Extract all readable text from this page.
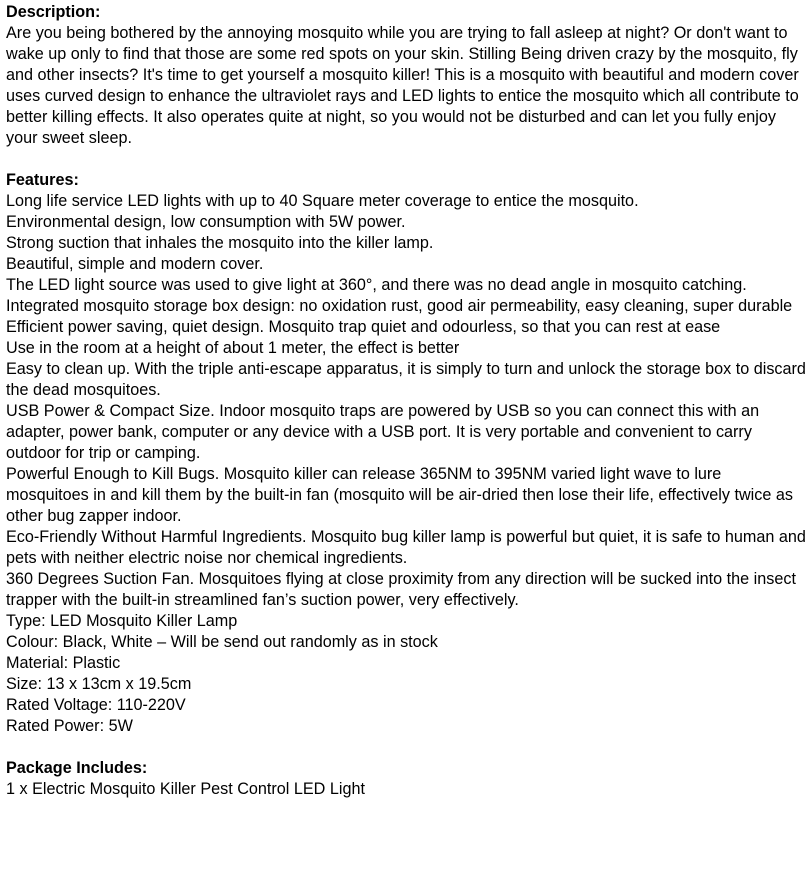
Description:

Are you being bothered by the annoying mosquito while you are trying to fall asleep at night? Or don't want to wake up only to find that those are some red spots on your skin. Stilling Being driven crazy by the mosquito, fly and other insects? It's time to get yourself a mosquito killer! This is a mosquito with beautiful and modern cover uses curved design to enhance the ultraviolet rays and LED lights to entice the mosquito which all contribute to better killing effects. It also operates quite at night, so you would not be disturbed and can let you fully enjoy your sweet sleep.

Features:

Long life service LED lights with up to 40 Square meter coverage to entice the mosquito.

Environmental design, low consumption with 5W power.

Strong suction that inhales the mosquito into the killer lamp.

Beautiful, simple and modern cover.

The LED light source was used to give light at 360°, and there was no dead angle in mosquito catching.

Integrated mosquito storage box design: no oxidation rust, good air permeability, easy cleaning, super durable

Efficient power saving, quiet design. Mosquito trap quiet and odourless, so that you can rest at ease

Use in the room at a height of about 1 meter, the effect is better

Easy to clean up. With the triple anti-escape apparatus, it is simply to turn and unlock the storage box to discard the dead mosquitoes.

USB Power & Compact Size. Indoor mosquito traps are powered by USB so you can connect this with an adapter, power bank, computer or any device with a USB port. It is very portable and convenient to carry outdoor for trip or camping.

Powerful Enough to Kill Bugs. Mosquito killer can release 365NM to 395NM varied light wave to lure mosquitoes in and kill them by the built-in fan (mosquito will be air-dried then lose their life, effectively twice as other bug zapper indoor.

Eco-Friendly Without Harmful Ingredients. Mosquito bug killer lamp is powerful but quiet, it is safe to human and pets with neither electric noise nor chemical ingredients.

360 Degrees Suction Fan. Mosquitoes flying at close proximity from any direction will be sucked into the insect trapper with the built-in streamlined fan’s suction power, very effectively.

Type: LED Mosquito Killer Lamp

Colour: Black, White – Will be send out randomly as in stock

Material: Plastic

Size: 13 x 13cm x 19.5cm

Rated Voltage: 110-220V

Rated Power: 5W

Package Includes:

1 x Electric Mosquito Killer Pest Control LED Light
